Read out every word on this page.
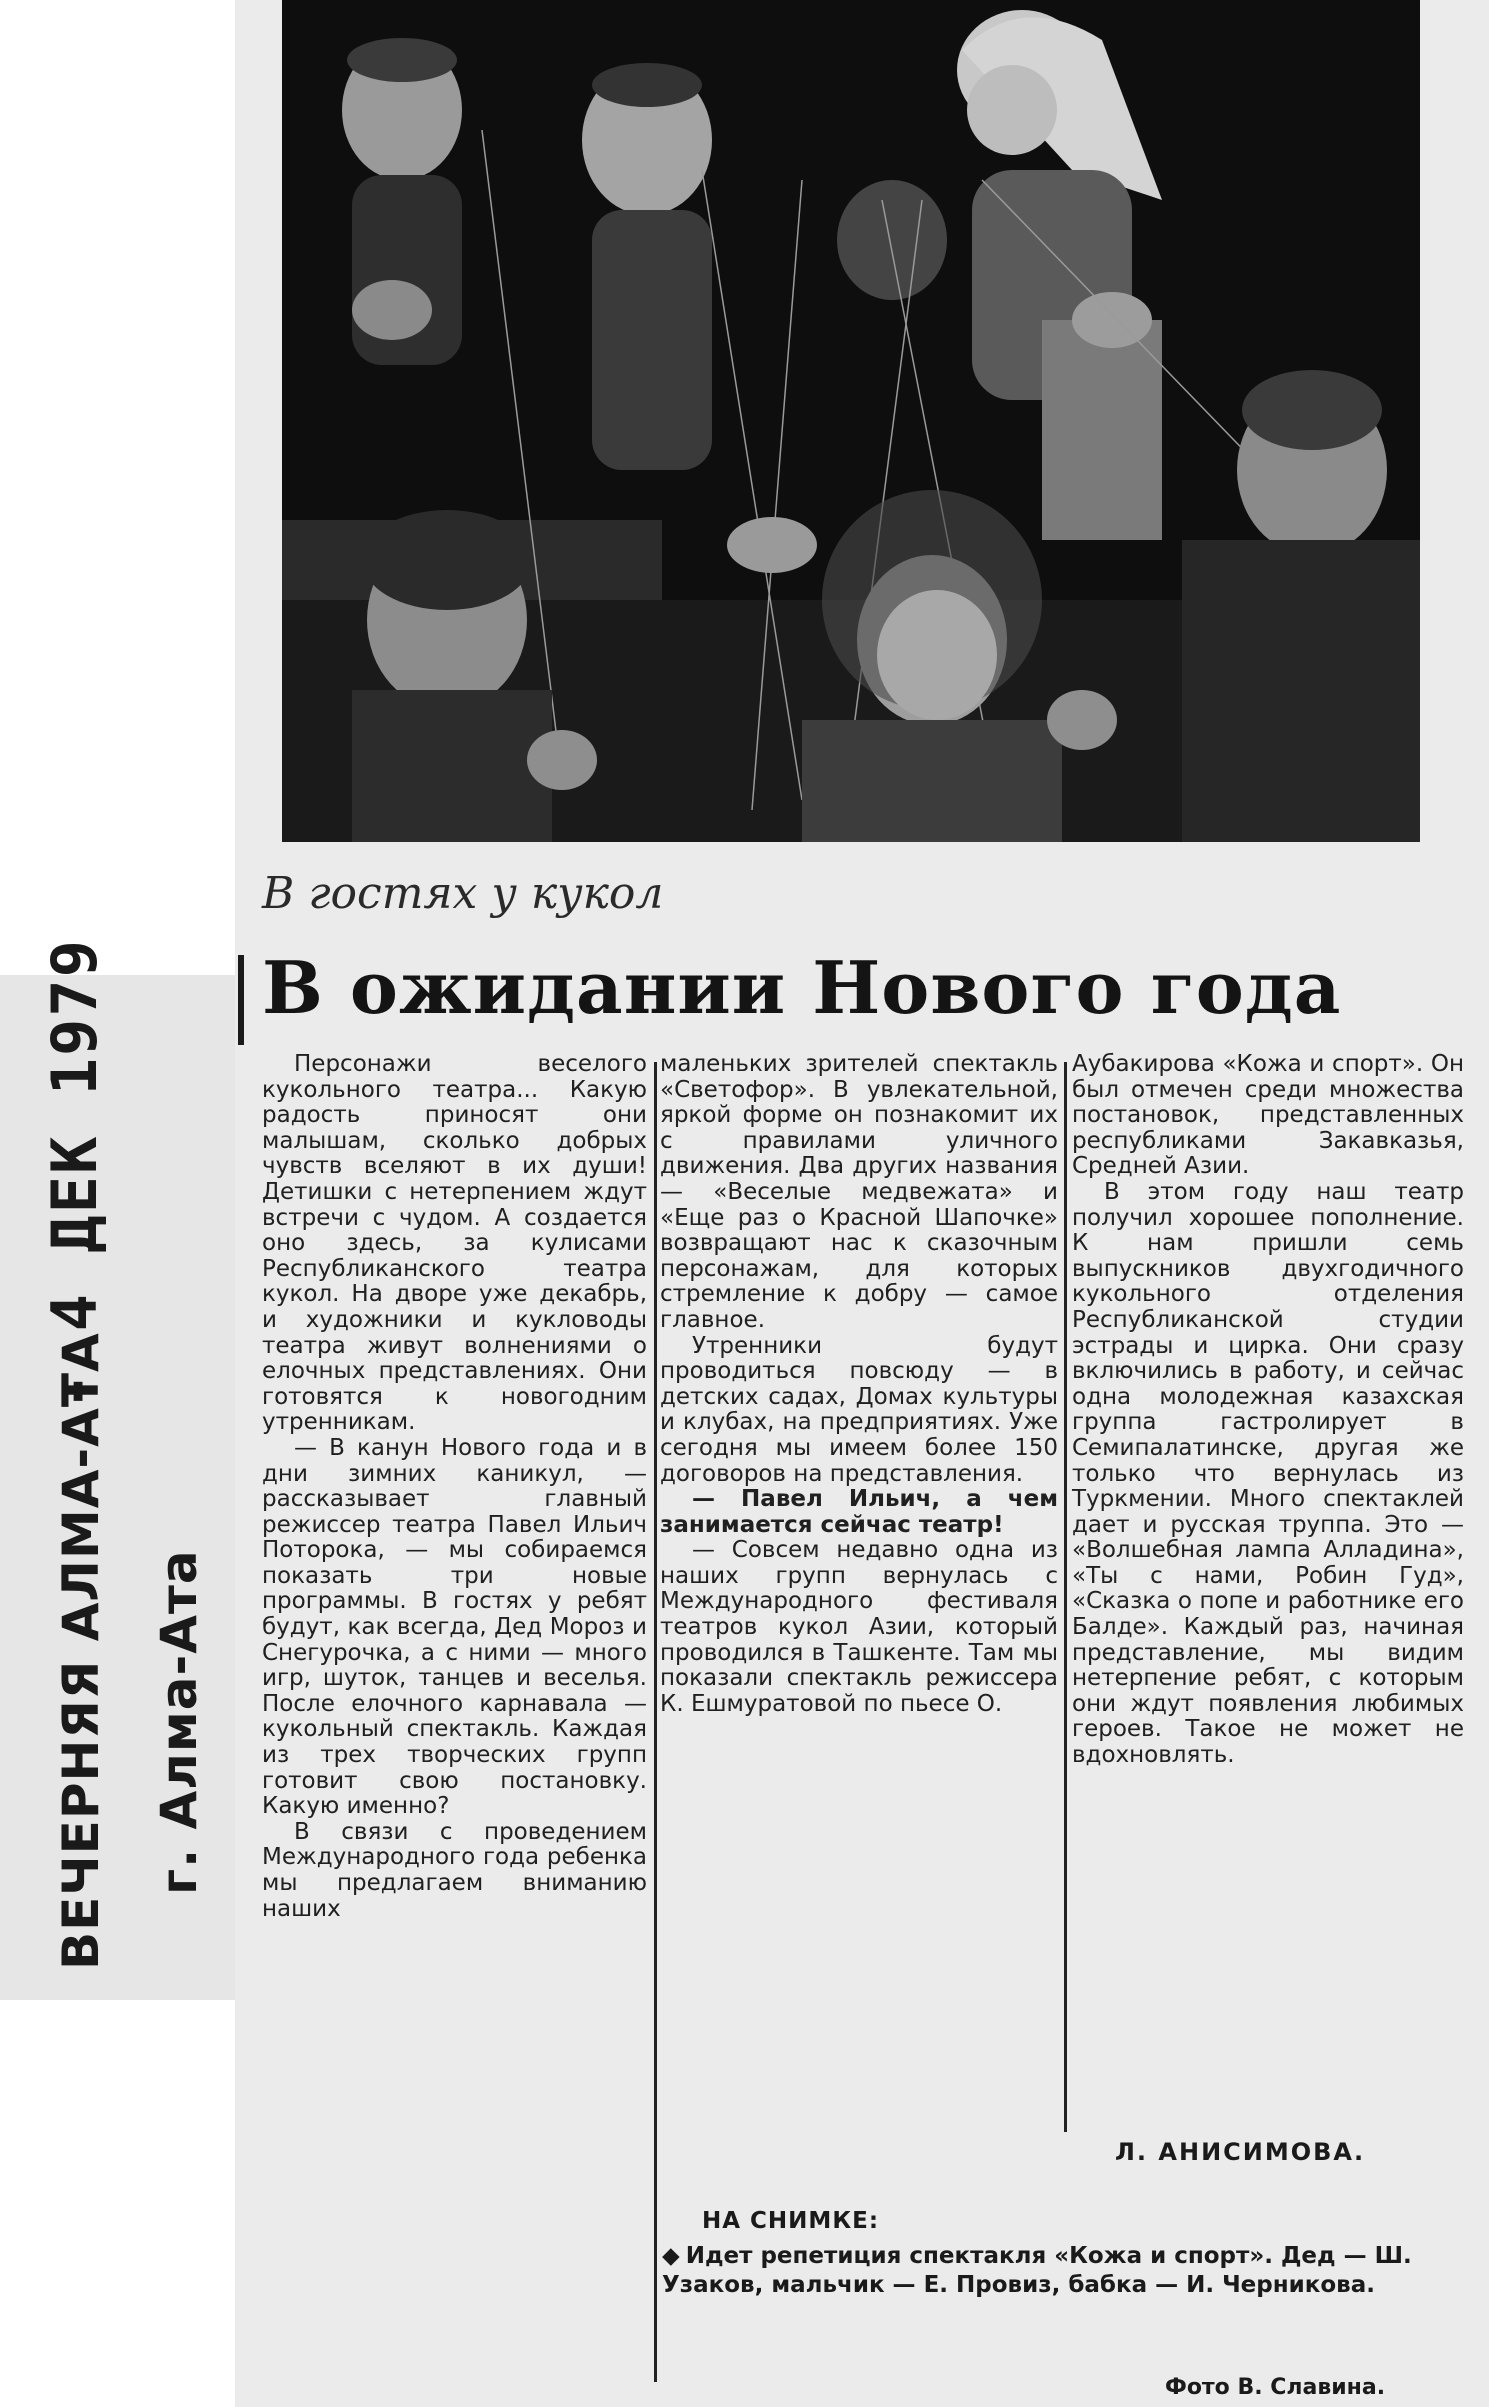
- 4 ДЕК 1979
ВЕЧЕРНЯЯ АЛМА-АТА г. Алма-Ата
В гостях у кукол
В ожидании Нового года

Персонажи веселого кукольного театра... Какую радость приносят они малышам, сколько добрых чувств вселяют в их души! Детишки с нетерпением ждут встречи с чудом. А создается оно здесь, за кулисами Республиканского театра кукол. На дворе уже декабрь, и художники и кукловоды театра живут волнениями о елочных представлениях. Они готовятся к новогодним утренникам.

— В канун Нового года и в дни зимних каникул, — рассказывает главный режиссер театра Павел Ильич Поторока, — мы собираемся показать три новые программы. В гостях у ребят будут, как всегда, Дед Мороз и Снегурочка, а с ними — много игр, шуток, танцев и веселья. После елочного карнавала — кукольный спектакль. Каждая из трех творческих групп готовит свою постановку. Какую именно?

В связи с проведением Международного года ребенка мы предлагаем вниманию наших

маленьких зрителей спектакль «Светофор». В увлекательной, яркой форме он познакомит их с правилами уличного движения. Два других названия — «Веселые медвежата» и «Еще раз о Красной Шапочке» возвращают нас к сказочным персонажам, для которых стремление к добру — самое главное.

Утренники будут проводиться повсюду — в детских садах, Домах культуры и клубах, на предприятиях. Уже сегодня мы имеем более 150 договоров на представления.

— Павел Ильич, а чем занимается сейчас театр!

— Совсем недавно одна из наших групп вернулась с Международного фестиваля театров кукол Азии, который проводился в Ташкенте. Там мы показали спектакль режиссера К. Ешмуратовой по пьесе О.

Аубакирова «Кожа и спорт». Он был отмечен среди множества постановок, представленных республиками Закавказья, Средней Азии.

В этом году наш театр получил хорошее пополнение. К нам пришли семь выпускников двухгодичного кукольного отделения Республиканской студии эстрады и цирка. Они сразу включились в работу, и сейчас одна молодежная казахская группа гастролирует в Семипалатинске, другая же только что вернулась из Туркмении. Много спектаклей дает и русская труппа. Это — «Волшебная лампа Алладина», «Ты с нами, Робин Гуд», «Сказка о попе и работнике его Балде». Каждый раз, начиная представление, мы видим нетерпение ребят, с которым они ждут появления любимых героев. Такое не может не вдохновлять.

Л. АНИСИМОВА.
НА СНИМКЕ:
◆ Идет репетиция спектакля «Кожа и спорт». Дед — Ш. Узаков, мальчик — Е. Провиз, бабка — И. Черникова.
Фото В. Славина.
